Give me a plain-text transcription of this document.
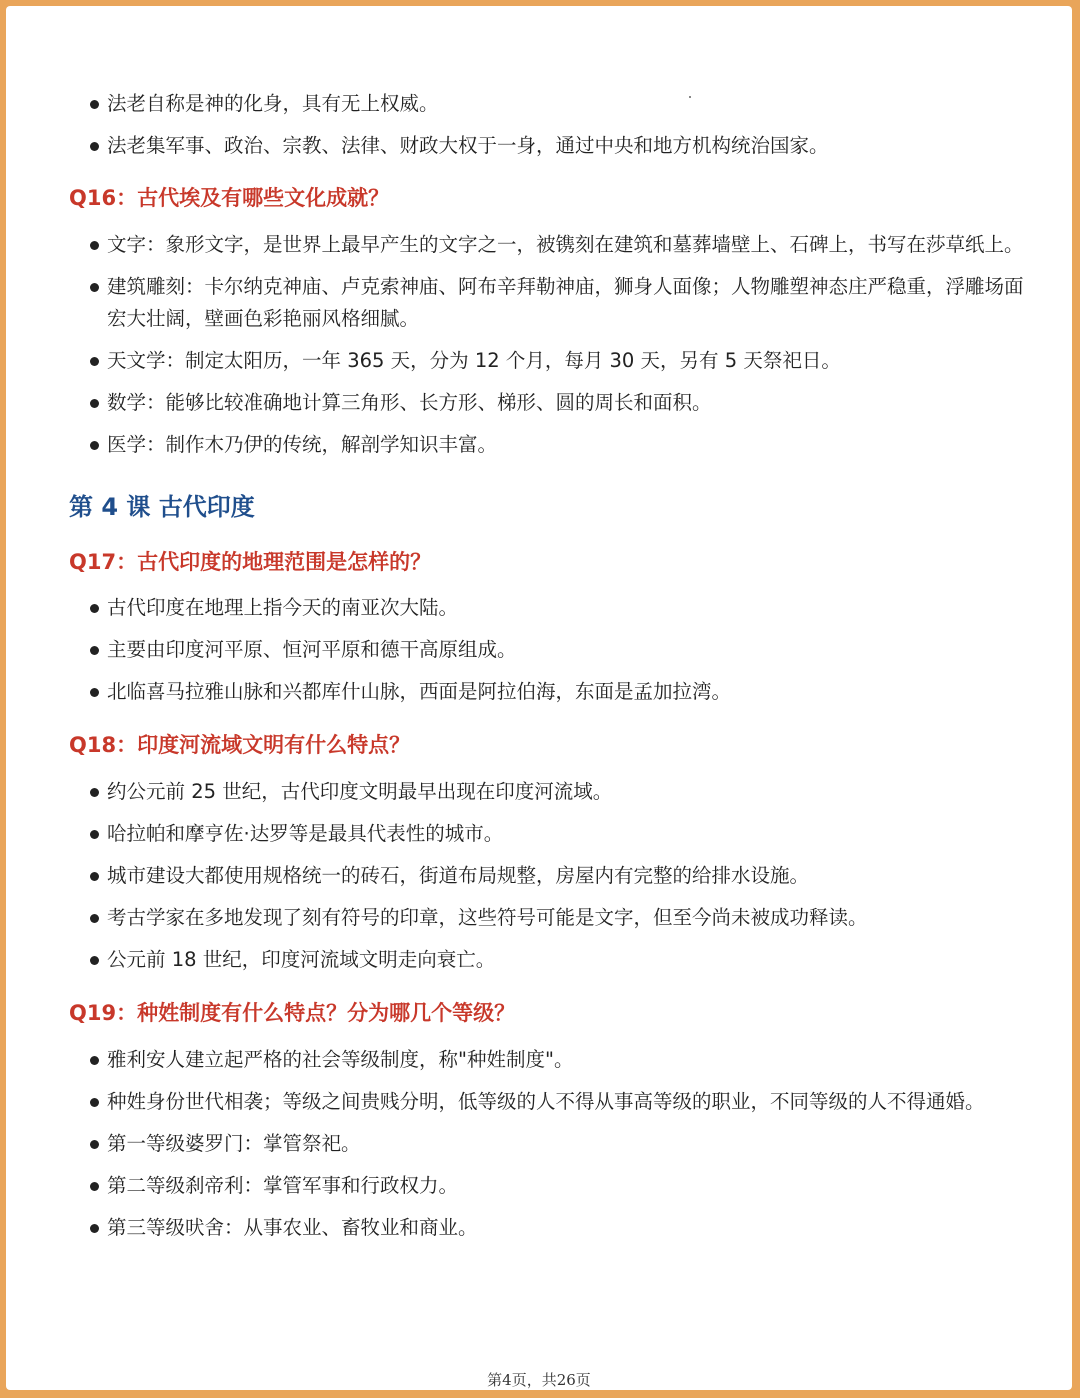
法老自称是神的化身，具有无上权威。
法老集军事、政治、宗教、法律、财政大权于一身，通过中央和地方机构统治国家。
Q16：古代埃及有哪些文化成就？
文字：象形文字，是世界上最早产生的文字之一，被镌刻在建筑和墓葬墙壁上、石碑上，书写在莎草纸上。
建筑雕刻：卡尔纳克神庙、卢克索神庙、阿布辛拜勒神庙，狮身人面像；人物雕塑神态庄严稳重，浮雕场面宏大壮阔，壁画色彩艳丽风格细腻。
天文学：制定太阳历，一年 365 天，分为 12 个月，每月 30 天，另有 5 天祭祀日。
数学：能够比较准确地计算三角形、长方形、梯形、圆的周长和面积。
医学：制作木乃伊的传统，解剖学知识丰富。
第 4 课 古代印度
Q17：古代印度的地理范围是怎样的？
古代印度在地理上指今天的南亚次大陆。
主要由印度河平原、恒河平原和德干高原组成。
北临喜马拉雅山脉和兴都库什山脉，西面是阿拉伯海，东面是孟加拉湾。
Q18：印度河流域文明有什么特点？
约公元前 25 世纪，古代印度文明最早出现在印度河流域。
哈拉帕和摩亨佐·达罗等是最具代表性的城市。
城市建设大都使用规格统一的砖石，街道布局规整，房屋内有完整的给排水设施。
考古学家在多地发现了刻有符号的印章，这些符号可能是文字，但至今尚未被成功释读。
公元前 18 世纪，印度河流域文明走向衰亡。
Q19：种姓制度有什么特点？分为哪几个等级？
雅利安人建立起严格的社会等级制度，称"种姓制度"。
种姓身份世代相袭；等级之间贵贱分明，低等级的人不得从事高等级的职业，不同等级的人不得通婚。
第一等级婆罗门：掌管祭祀。
第二等级刹帝利：掌管军事和行政权力。
第三等级吠舍：从事农业、畜牧业和商业。
第4页，共26页
